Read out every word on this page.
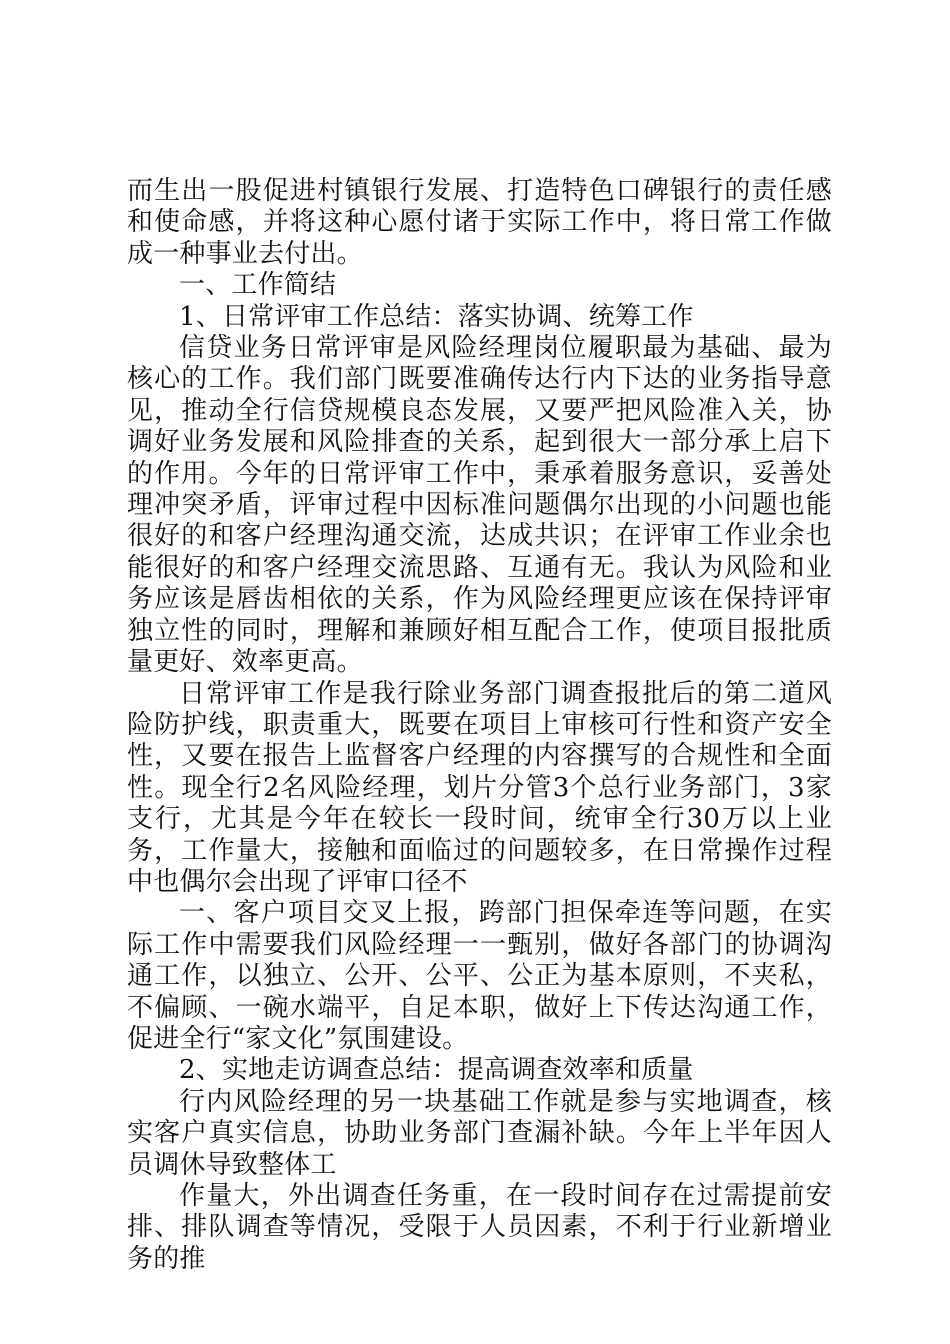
而生出一股促进村镇银行发展、打造特色口碑银行的责任感和使命感，并将这种心愿付诸于实际工作中，将日常工作做成一种事业去付出。

一、工作简结

1、日常评审工作总结：落实协调、统筹工作

信贷业务日常评审是风险经理岗位履职最为基础、最为核心的工作。我们部门既要准确传达行内下达的业务指导意见，推动全行信贷规模良态发展，又要严把风险准入关，协调好业务发展和风险排查的关系，起到很大一部分承上启下的作用。今年的日常评审工作中，秉承着服务意识，妥善处理冲突矛盾，评审过程中因标准问题偶尔出现的小问题也能很好的和客户经理沟通交流，达成共识；在评审工作业余也能很好的和客户经理交流思路、互通有无。我认为风险和业务应该是唇齿相依的关系，作为风险经理更应该在保持评审独立性的同时，理解和兼顾好相互配合工作，使项目报批质量更好、效率更高。

日常评审工作是我行除业务部门调查报批后的第二道风险防护线，职责重大，既要在项目上审核可行性和资产安全性，又要在报告上监督客户经理的内容撰写的合规性和全面性。现全行2名风险经理，划片分管3个总行业务部门，3家支行，尤其是今年在较长一段时间，统审全行30万以上业务，工作量大，接触和面临过的问题较多，在日常操作过程中也偶尔会出现了评审口径不

一、客户项目交叉上报，跨部门担保牵连等问题，在实际工作中需要我们风险经理一一甄别，做好各部门的协调沟通工作，以独立、公开、公平、公正为基本原则，不夹私，不偏顾、一碗水端平，自足本职，做好上下传达沟通工作，促进全行“家文化”氛围建设。

2、实地走访调查总结：提高调查效率和质量

行内风险经理的另一块基础工作就是参与实地调查，核实客户真实信息，协助业务部门查漏补缺。今年上半年因人员调休导致整体工

作量大，外出调查任务重，在一段时间存在过需提前安排、排队调查等情况，受限于人员因素，不利于行业新增业务的推
